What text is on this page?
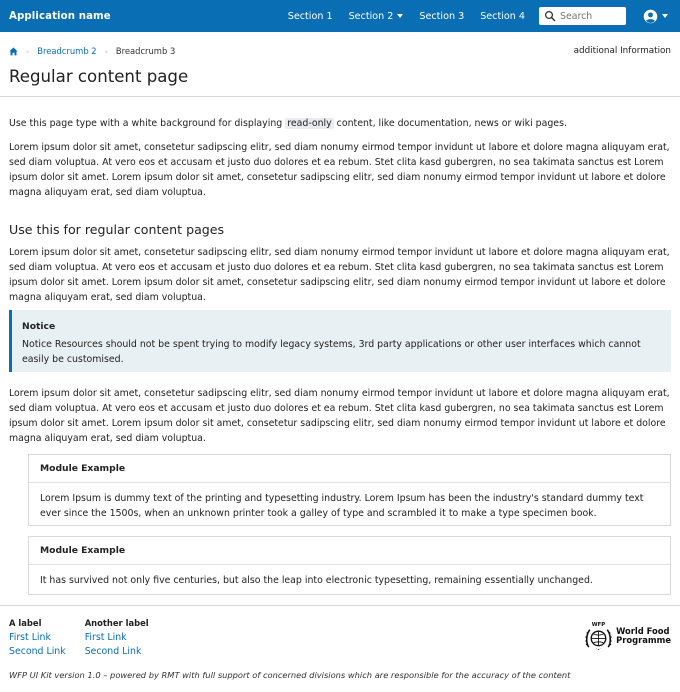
Application name	Section 1 Section 2	Section 3 Section 4
Search
› Breadcrumb 2 › Breadcrumb 3	additional Information
Regular content page

Use this page type with a white background for displaying read-only content, like documentation, news or wiki pages.

Lorem ipsum dolor sit amet, consetetur sadipscing elitr, sed diam nonumy eirmod tempor invidunt ut labore et dolore magna aliquyam erat, sed diam voluptua. At vero eos et accusam et justo duo dolores et ea rebum. Stet clita kasd gubergren, no sea takimata sanctus est Lorem ipsum dolor sit amet. Lorem ipsum dolor sit amet, consetetur sadipscing elitr, sed diam nonumy eirmod tempor invidunt ut labore et dolore magna aliquyam erat, sed diam voluptua.

Use this for regular content pages

Lorem ipsum dolor sit amet, consetetur sadipscing elitr, sed diam nonumy eirmod tempor invidunt ut labore et dolore magna aliquyam erat, sed diam voluptua. At vero eos et accusam et justo duo dolores et ea rebum. Stet clita kasd gubergren, no sea takimata sanctus est Lorem ipsum dolor sit amet. Lorem ipsum dolor sit amet, consetetur sadipscing elitr, sed diam nonumy eirmod tempor invidunt ut labore et dolore magna aliquyam erat, sed diam voluptua.

Notice
Notice Resources should not be spent trying to modify legacy systems, 3rd party applications or other user interfaces which cannot easily be customised.

Lorem ipsum dolor sit amet, consetetur sadipscing elitr, sed diam nonumy eirmod tempor invidunt ut labore et dolore magna aliquyam erat, sed diam voluptua. At vero eos et accusam et justo duo dolores et ea rebum. Stet clita kasd gubergren, no sea takimata sanctus est Lorem ipsum dolor sit amet. Lorem ipsum dolor sit amet, consetetur sadipscing elitr, sed diam nonumy eirmod tempor invidunt ut labore et dolore magna aliquyam erat, sed diam voluptua.

Module Example
Lorem Ipsum is dummy text of the printing and typesetting industry. Lorem Ipsum has been the industry's standard dummy text ever since the 1500s, when an unknown printer took a galley of type and scrambled it to make a type specimen book.
Module Example
It has survived not only five centuries, but also the leap into electronic typesetting, remaining essentially unchanged.
A label
First Link
Second Link
Another label
First Link
Second Link
WFP
World Food
Programme
WFP UI Kit version 1.0 – powered by RMT with full support of concerned divisions which are responsible for the accuracy of the content
